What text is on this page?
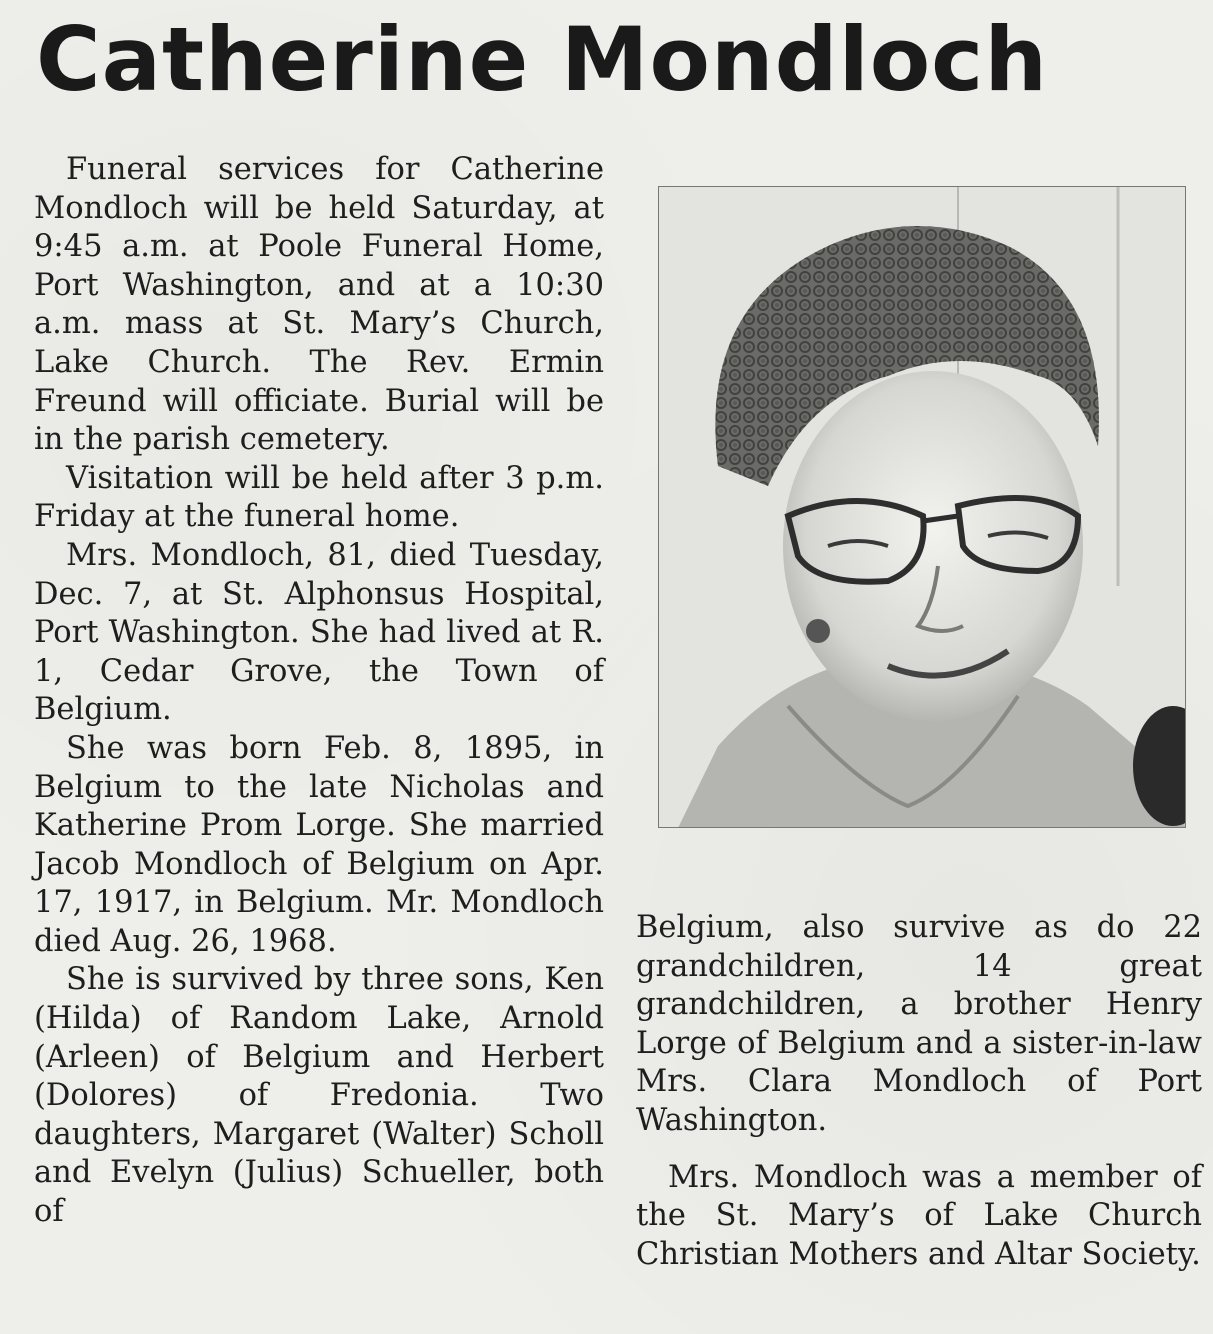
Catherine Mondloch

Funeral services for Catherine Mondloch will be held Saturday, at 9:45 a.m. at Poole Funeral Home, Port Washington, and at a 10:30 a.m. mass at St. Mary’s Church, Lake Church. The Rev. Ermin Freund will officiate. Burial will be in the parish cemetery.

Visitation will be held after 3 p.m. Friday at the funeral home.

Mrs. Mondloch, 81, died Tuesday, Dec. 7, at St. Alphonsus Hospital, Port Washington. She had lived at R. 1, Cedar Grove, the Town of Belgium.

She was born Feb. 8, 1895, in Belgium to the late Nicholas and Katherine Prom Lorge. She married Jacob Mondloch of Belgium on Apr. 17, 1917, in Belgium. Mr. Mondloch died Aug. 26, 1968.

She is survived by three sons, Ken (Hilda) of Random Lake, Arnold (Arleen) of Belgium and Herbert (Dolores) of Fredonia. Two daughters, Margaret (Walter) Scholl and Evelyn (Julius) Schueller, both of

Belgium, also survive as do 22 grandchildren, 14 great grandchildren, a brother Henry Lorge of Belgium and a sister-in-law Mrs. Clara Mondloch of Port Washington.

Mrs. Mondloch was a member of the St. Mary’s of Lake Church Christian Mothers and Altar Society.
